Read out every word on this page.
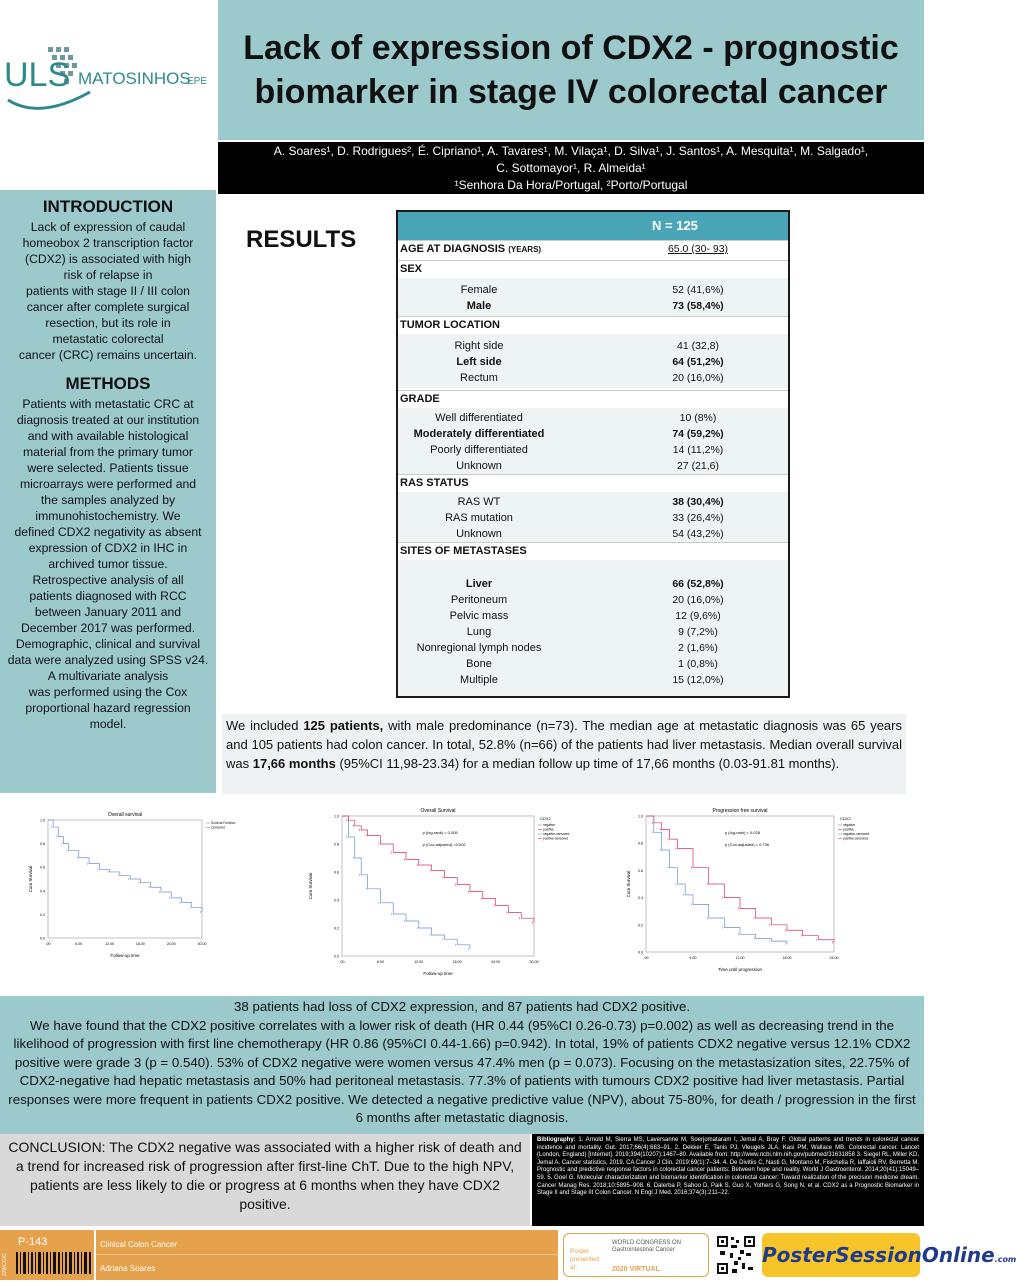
ULS MATOSINHOS
EPE
Lack of expression of CDX2 - prognostic biomarker in stage IV colorectal cancer
A. Soares¹, D. Rodrigues², É. Cipriano¹, A. Tavares¹, M. Vilaça¹, D. Silva¹, J. Santos¹, A. Mesquita¹, M. Salgado¹,
C. Sottomayor¹, R. Almeida¹
¹Senhora Da Hora/Portugal, ²Porto/Portugal
INTRODUCTION

Lack of expression of caudal
homeobox 2 transcription factor
(CDX2) is associated with high
risk of relapse in
patients with stage II / III colon
cancer after complete surgical
resection, but its role in
metastatic colorectal
cancer (CRC) remains uncertain.

METHODS

Patients with metastatic CRC at
diagnosis treated at our institution
and with available histological
material from the primary tumor
were selected. Patients tissue
microarrays were performed and
the samples analyzed by
immunohistochemistry. We
defined CDX2 negativity as absent
expression of CDX2 in IHC in
archived tumor tissue.
Retrospective analysis of all
patients diagnosed with RCC
between January 2011 and
December 2017 was performed.
Demographic, clinical and survival
data were analyzed using SPSS v24.
A multivariate analysis
was performed using the Cox
proportional hazard regression
model.

RESULTS
N = 125
AGE AT DIAGNOSIS (YEARS)	65.0 (30- 93)
SEX
Female	52 (41,6%)
Male	73 (58,4%)
TUMOR LOCATION
Right side	41 (32,8)
Left side	64 (51,2%)
Rectum	20 (16,0%)
GRADE
Well differentiated	10 (8%)
Moderately differentiated	74 (59,2%)
Poorly differentiated	14 (11,2%)
Unknown	27 (21,6)
RAS STATUS
RAS WT	38 (30,4%)
RAS mutation	33 (26,4%)
Unknown	54 (43,2%)
SITES OF METASTASES
Liver	66 (52,8%)
Peritoneum	20 (16,0%)
Pelvic mass	12 (9,6%)
Lung	9 (7,2%)
Nonregional lymph nodes	2 (1,6%)
Bone	1 (0,8%)
Multiple	15 (12,0%)
We included 125 patients, with male predominance (n=73). The median age at metastatic diagnosis was 65 years and 105 patients had colon cancer. In total, 52.8% (n=66) of the patients had liver metastasis. Median overall survival was 17,66 months (95%CI 11,98-23.34) for a median follow up time of 17,66 months (0.03-91.81 months).
Overall survival
Cum Survival
Follow-up time
.00	6.00	12.00	18.00	24.00	30.00
1.0
0.8
0.6
0.4
0.2
0.0
Survival Function
Censored
Overall Survival
Cum Survival
Follow-up time
.00	6.00	12.00	18.00	24.00	30.00
1.0
0.8
0.6
0.4
0.2
0.0
CDX2
negative
positive
negative-censored
positive-censored
p (log-rank) < 0.005
p (Cox-adjusted) =0.002
Progression free survival
Cum Survival
Time until progression
.00	6.00	12.00	18.00	24.00
1.0
0.8
0.6
0.4
0.2
0.0
CDX2
negative
positive
negative-censored
positive-censored
p (log-rank) = 0.028
p (Cox-adjusted) = 0.736

38 patients had loss of CDX2 expression, and 87 patients had CDX2 positive.
We have found that the CDX2 positive correlates with a lower risk of death (HR 0.44 (95%CI 0.26-0.73) p=0.002) as well as decreasing trend in the likelihood of progression with first line chemotherapy (HR 0.86 (95%CI 0.44-1.66) p=0.942). In total, 19% of patients CDX2 negative versus 12.1% CDX2 positive were grade 3 (p = 0.540). 53% of CDX2 negative were women versus 47.4% men (p = 0.073). Focusing on the metastasization sites, 22.75% of CDX2-negative had hepatic metastasis and 50% had peritoneal metastasis. 77.3% of patients with tumours CDX2 positive had liver metastasis. Partial responses were more frequent in patients CDX2 positive. We detected a negative predictive value (NPV), about 75-80%, for death / progression in the first 6 months after metastatic diagnosis.

CONCLUSION: The CDX2 negative was associated with a higher risk of death and a trend for increased risk of progression after first-line ChT. Due to the high NPV, patients are less likely to die or progress at 6 months when they have CDX2 positive.
Bibliography: 1. Arnold M, Sierra MS, Laversanne M, Soerjomataram I, Jemal A, Bray F. Global patterns and trends in colorectal cancer incidence and mortality. Gut. 2017;66(4):683–91. 2. Dekker E, Tanis PJ, Vleugels JLA, Kasi PM, Wallace MB. Colorectal cancer. Lancet (London, England) [Internet]. 2019;394(10207):1467–80. Available from: http://www.ncbi.nlm.nih.gov/pubmed/31631858 3. Siegel RL, Miller KD, Jemal A. Cancer statistics, 2019. CA Cancer J Clin. 2019;69(1):7–34. 4. De Divitiis C, Nasti G, Montano M, Fisichella R, Iaffaioli RV, Berretta M. Prognostic and predictive response factors in colorectal cancer patients: Between hope and reality. World J Gastroenterol. 2014;20(41):15049–59. 5. Goel G. Molecular characterization and biomarker identification in colorectal cancer: Toward realization of the precision medicine dream. Cancer Manag Res. 2018;10:5895–908. 6. Dalerba P, Sahoo D, Paik S, Guo X, Yothers G, Song N, et al. CDX2 as a Prognostic Biomarker in Stage II and Stage III Colon Cancer. N Engl J Med. 2016;374(3):211–22.
22WCGIC
P-143	Clinical Colon Cancer
Adriana Soares
Poster presented at:
WORLD CONGRESS ON Gastrointestinal Cancer
2020 VIRTUAL
PosterSessionOnline.com
